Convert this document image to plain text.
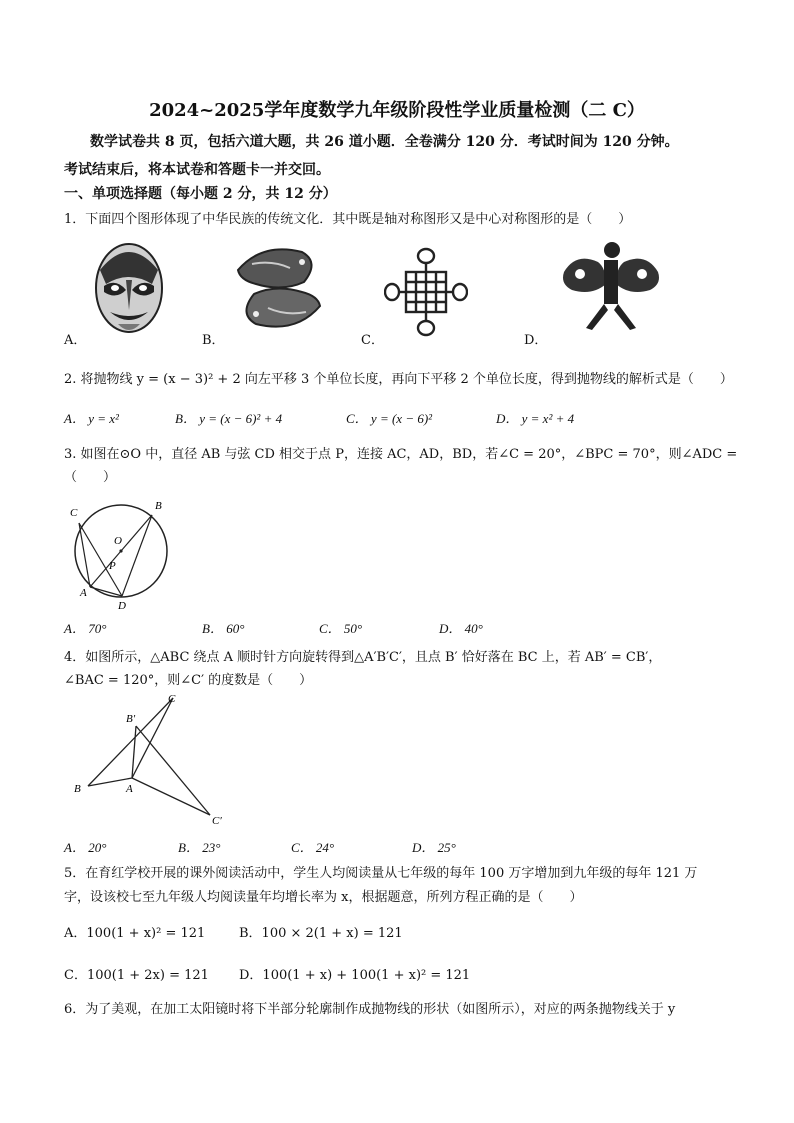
2024~2025学年度数学九年级阶段性学业质量检测（二 C）
数学试卷共 8 页，包括六道大题，共 26 道小题．全卷满分 120 分．考试时间为 120 分钟。
考试结束后，将本试卷和答题卡一并交回。
一、单项选择题（每小题 2 分，共 12 分）
1．下面四个图形体现了中华民族的传统文化．其中既是轴对称图形又是中心对称图形的是（　　）
A．	B．	C．	D．
2. 将抛物线 y = (x − 3)² + 2 向左平移 3 个单位长度，再向下平移 2 个单位长度，得到抛物线的解析式是（　　）
A． y = x²	B． y = (x − 6)² + 4	C． y = (x − 6)²	D． y = x² + 4
3. 如图在⊙O 中，直径 AB 与弦 CD 相交于点 P，连接 AC，AD，BD，若∠C = 20°，∠BPC = 70°，则∠ADC =
（　　）
C
B
O
P
A
D
A． 70°	B． 60°	C． 50°	D． 40°
4．如图所示，△ABC 绕点 A 顺时针方向旋转得到△A′B′C′，且点 B′ 恰好落在 BC 上，若 AB′ = CB′，
∠BAC = 120°，则∠C′ 的度数是（　　）
C
B′
B	A
C′
A． 20°	B． 23°	C． 24°	D． 25°
5．在育红学校开展的课外阅读活动中，学生人均阅读量从七年级的每年 100 万字增加到九年级的每年 121 万
字，设该校七至九年级人均阅读量年均增长率为 x，根据题意，所列方程正确的是（　　）
A．100(1 + x)² = 121	B．100 × 2(1 + x) = 121
C．100(1 + 2x) = 121 D．100(1 + x) + 100(1 + x)² = 121
6．为了美观，在加工太阳镜时将下半部分轮廓制作成抛物线的形状（如图所示），对应的两条抛物线关于 y
